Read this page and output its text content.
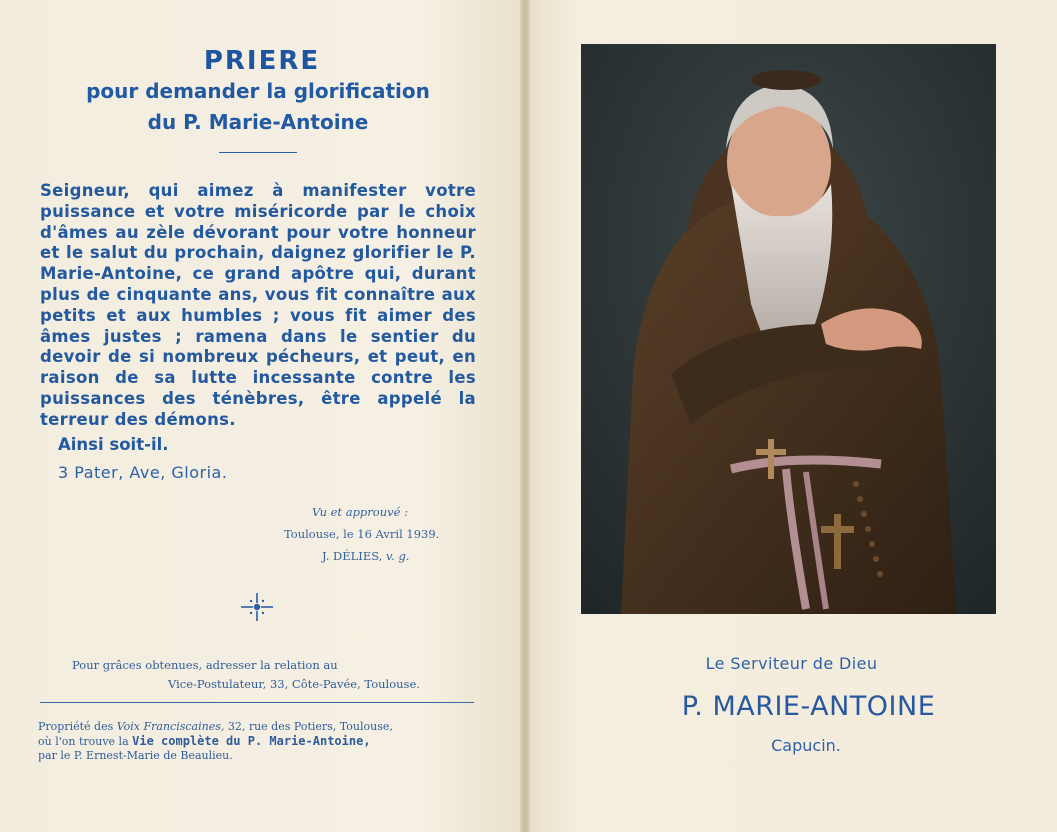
PRIERE
pour demander la glorification
du P. Marie-Antoine
Seigneur, qui aimez à manifester votre puissance et votre miséricorde par le choix d'âmes au zèle dévorant pour votre honneur et le salut du prochain, daignez glorifier le P. Marie-Antoine, ce grand apôtre qui, durant plus de cinquante ans, vous fit connaître aux petits et aux humbles ; vous fit aimer des âmes justes ; ramena dans le sentier du devoir de si nombreux pécheurs, et peut, en raison de sa lutte incessante contre les puissances des ténèbres, être appelé la terreur des démons.
Ainsi soit-il.
3 Pater, Ave, Gloria.
Vu et approuvé :
Toulouse, le 16 Avril 1939.
J. DÉLIES, v. g.
Pour grâces obtenues, adresser la relation au
Vice-Postulateur, 33, Côte-Pavée, Toulouse.
Propriété des Voix Franciscaines, 32, rue des Potiers, Toulouse,
où l'on trouve la Vie complète du P. Marie-Antoine,
par le P. Ernest-Marie de Beaulieu.
Le Serviteur de Dieu
P. MARIE-ANTOINE
Capucin.
